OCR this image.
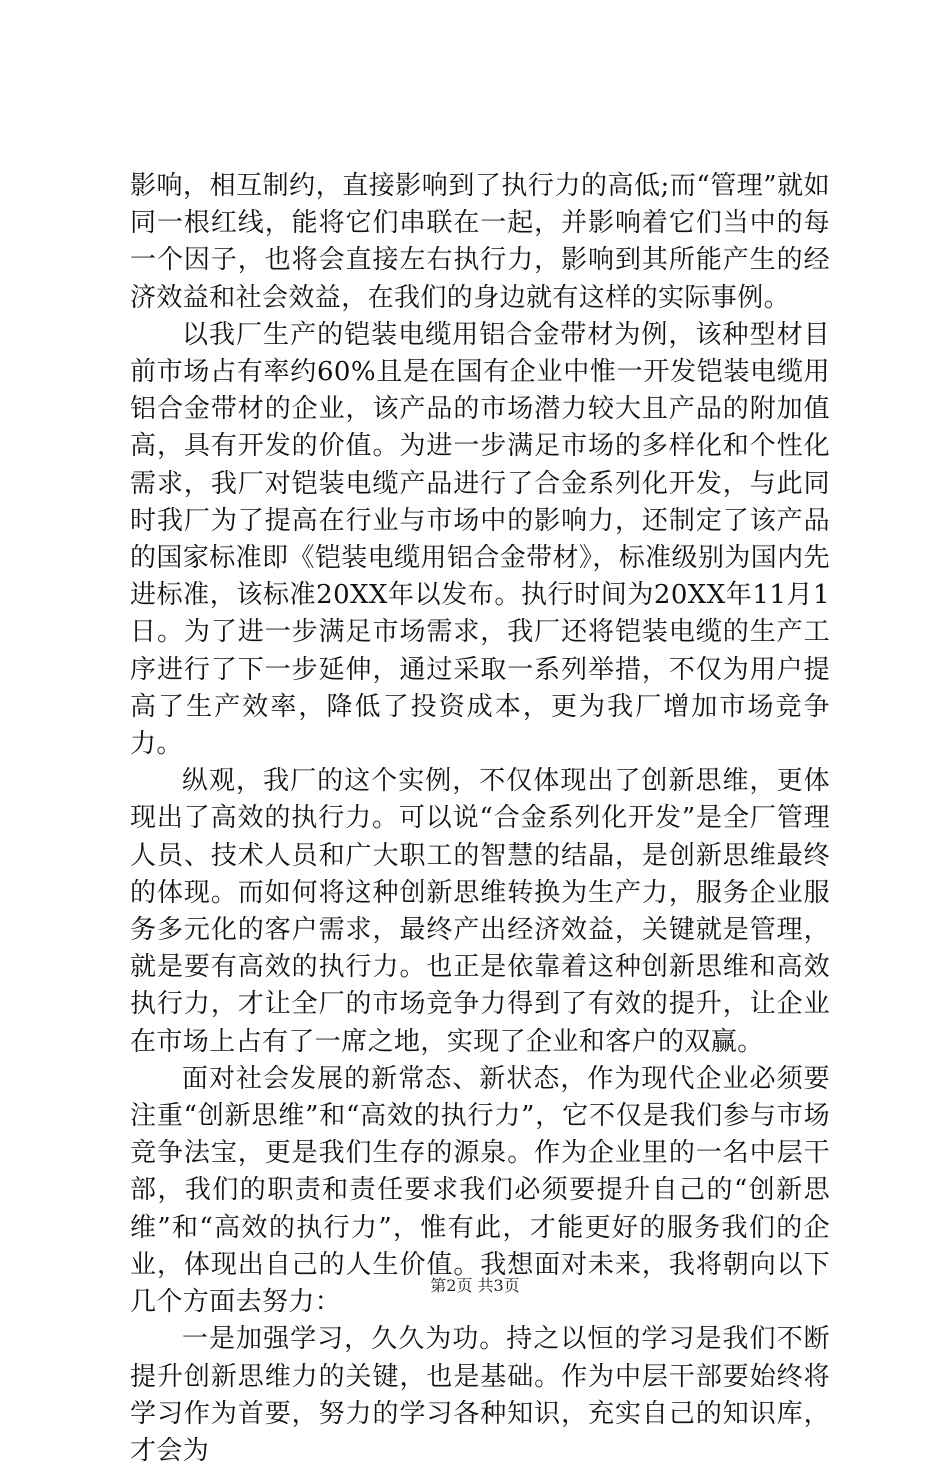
影响，相互制约，直接影响到了执行力的高低;而“管理”就如同一根红线，能将它们串联在一起，并影响着它们当中的每一个因子，也将会直接左右执行力，影响到其所能产生的经济效益和社会效益，在我们的身边就有这样的实际事例。

以我厂生产的铠装电缆用铝合金带材为例，该种型材目前市场占有率约60%且是在国有企业中惟一开发铠装电缆用铝合金带材的企业，该产品的市场潜力较大且产品的附加值高，具有开发的价值。为进一步满足市场的多样化和个性化需求，我厂对铠装电缆产品进行了合金系列化开发，与此同时我厂为了提高在行业与市场中的影响力，还制定了该产品的国家标准即《铠装电缆用铝合金带材》，标准级别为国内先进标准，该标准20XX年以发布。执行时间为20XX年11月1日。为了进一步满足市场需求，我厂还将铠装电缆的生产工序进行了下一步延伸，通过采取一系列举措，不仅为用户提高了生产效率，降低了投资成本，更为我厂增加市场竞争力。

纵观，我厂的这个实例，不仅体现出了创新思维，更体现出了高效的执行力。可以说“合金系列化开发”是全厂管理人员、技术人员和广大职工的智慧的结晶，是创新思维最终的体现。而如何将这种创新思维转换为生产力，服务企业服务多元化的客户需求，最终产出经济效益，关键就是管理，就是要有高效的执行力。也正是依靠着这种创新思维和高效执行力，才让全厂的市场竞争力得到了有效的提升，让企业在市场上占有了一席之地，实现了企业和客户的双赢。

面对社会发展的新常态、新状态，作为现代企业必须要注重“创新思维”和“高效的执行力”，它不仅是我们参与市场竞争法宝，更是我们生存的源泉。作为企业里的一名中层干部，我们的职责和责任要求我们必须要提升自己的“创新思维”和“高效的执行力”，惟有此，才能更好的服务我们的企业，体现出自己的人生价值。我想面对未来，我将朝向以下几个方面去努力：

一是加强学习，久久为功。持之以恒的学习是我们不断提升创新思维力的关键，也是基础。作为中层干部要始终将学习作为首要，努力的学习各种知识，充实自己的知识库，才会为

第2页 共3页
